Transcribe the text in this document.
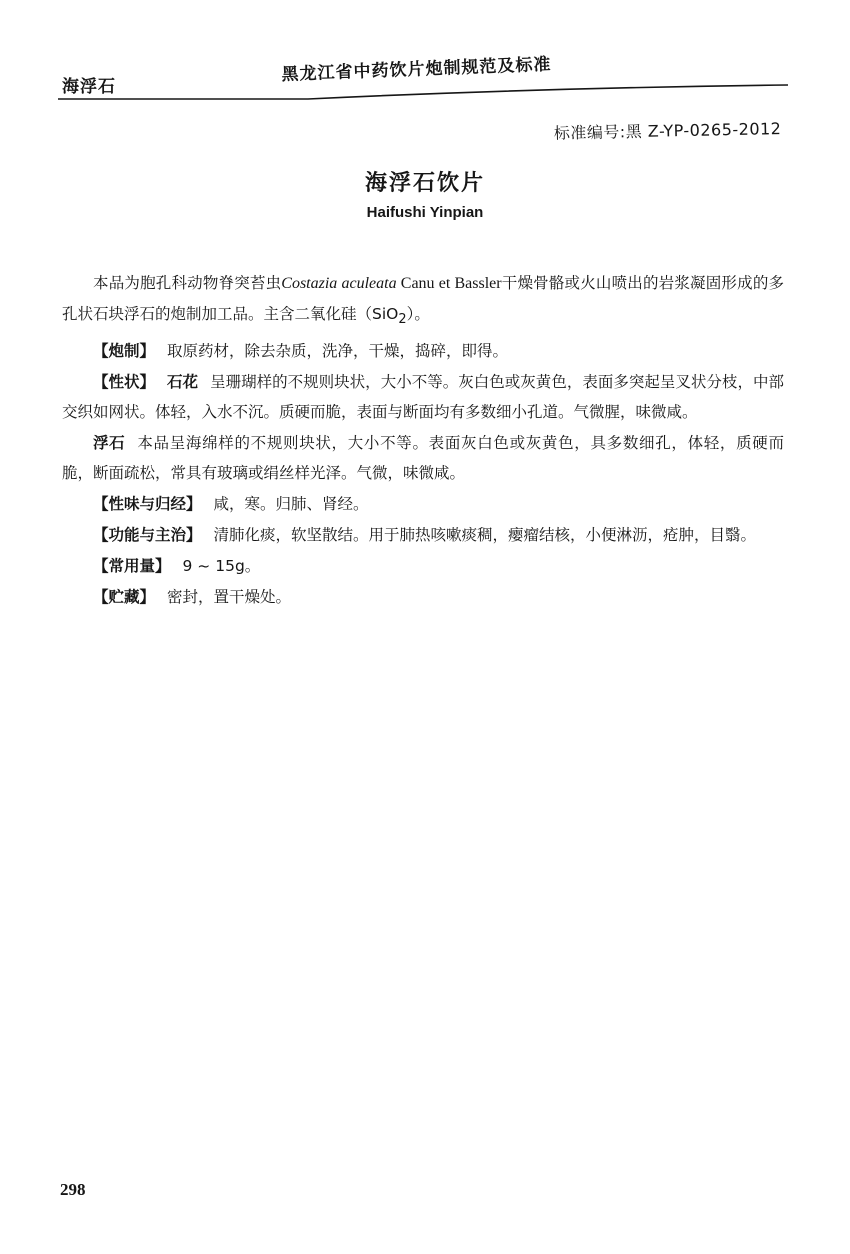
海浮石
黑龙江省中药饮片炮制规范及标准
标准编号:黑 Z-YP-0265-2012
海浮石饮片
Haifushi Yinpian

本品为胞孔科动物脊突苔虫Costazia aculeata Canu et Bassler干燥骨骼或火山喷出的岩浆凝固形成的多孔状石块浮石的炮制加工品。主含二氧化硅（SiO$_2$）。

【炮制】 取原药材，除去杂质，洗净，干燥，捣碎，即得。

【性状】 石花 呈珊瑚样的不规则块状，大小不等。灰白色或灰黄色，表面多突起呈叉状分枝，中部交织如网状。体轻，入水不沉。质硬而脆，表面与断面均有多数细小孔道。气微腥，味微咸。

浮石 本品呈海绵样的不规则块状，大小不等。表面灰白色或灰黄色，具多数细孔，体轻，质硬而脆，断面疏松，常具有玻璃或绢丝样光泽。气微，味微咸。

【性味与归经】 咸，寒。归肺、肾经。

【功能与主治】 清肺化痰，软坚散结。用于肺热咳嗽痰稠，瘿瘤结核，小便淋沥，疮肿，目翳。

【常用量】 9 ~ 15g。

【贮藏】 密封，置干燥处。

298
